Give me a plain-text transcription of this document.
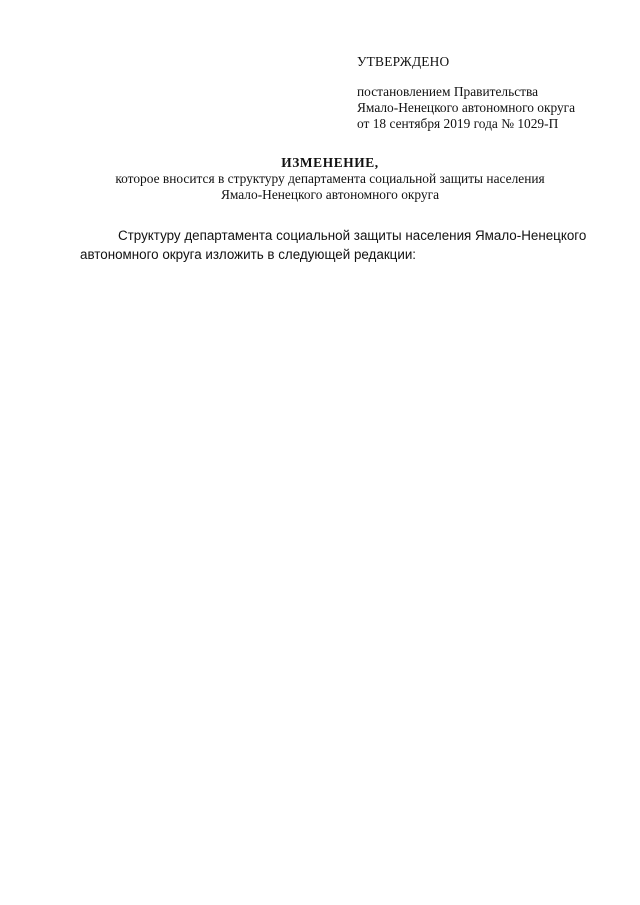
УТВЕРЖДЕНО
постановлением Правительства
Ямало-Ненецкого автономного округа
от 18 сентября 2019 года № 1029-П
ИЗМЕНЕНИЕ,
которое вносится в структуру департамента социальной защиты населения
Ямало-Ненецкого автономного округа
Структуру департамента социальной защиты населения Ямало-Ненецкого
автономного округа изложить в следующей редакции:
